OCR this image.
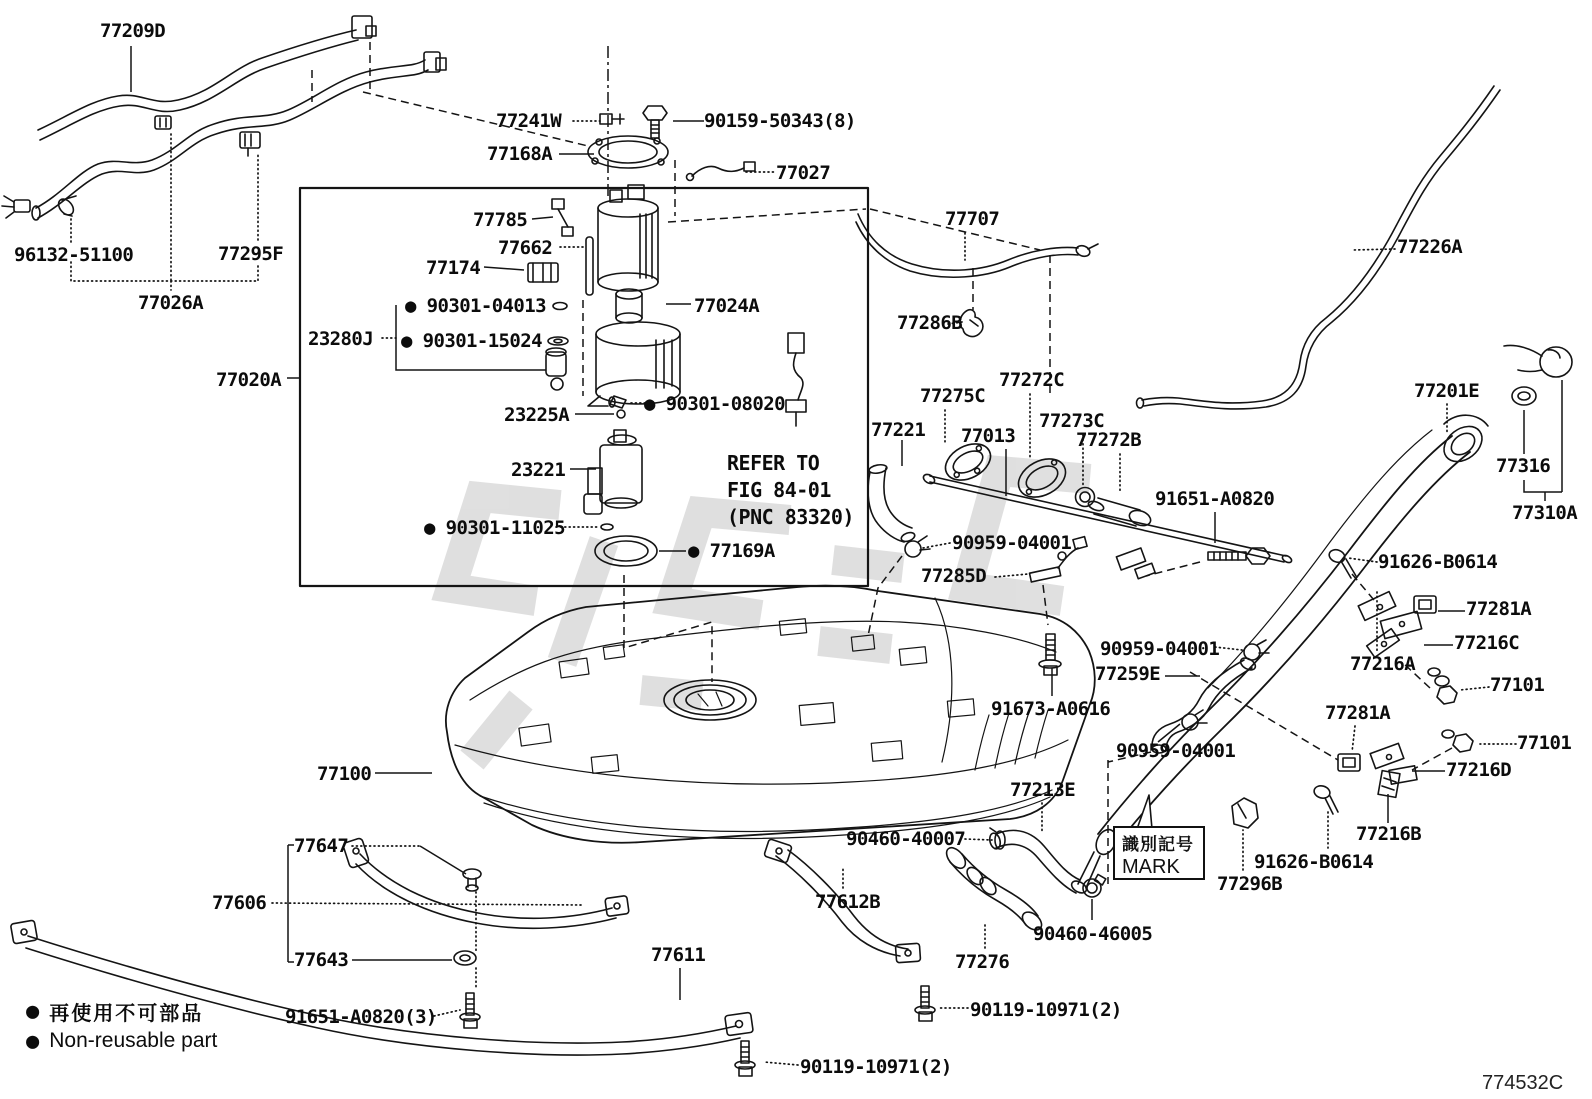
77209D
96132-51100	77295F
77026A
77241W	90159-50343(8)
77168A
77027
77785
77662
77174
● 90301-04013
23280J ● 90301-15024
77024A
77020A
● 90301-08020
23225A
23221
● 90301-11025
● 77169A
77221
77275C
77013
77272C
77273C
77272B
91651-A0820
90959-04001
77285D
77707
77286B
77226A
77201E
77316
77310A
91626-B0614
77281A
77216C
77216A
77101
90959-04001
77259E
91673-A0616
90959-04001
77281A
77101
77216D
77216B
91626-B0614
77296B
77213E
90460-40007
77612B
77611	77276
90460-46005
90119-10971(2)
90119-10971(2)
77100
77647
77606
77643
91651-A0820(3)
REFER TO
FIG 84-01
(PNC 83320)
識別記号
MARK
● 再使用不可部品
● Non-reusable part
774532C
